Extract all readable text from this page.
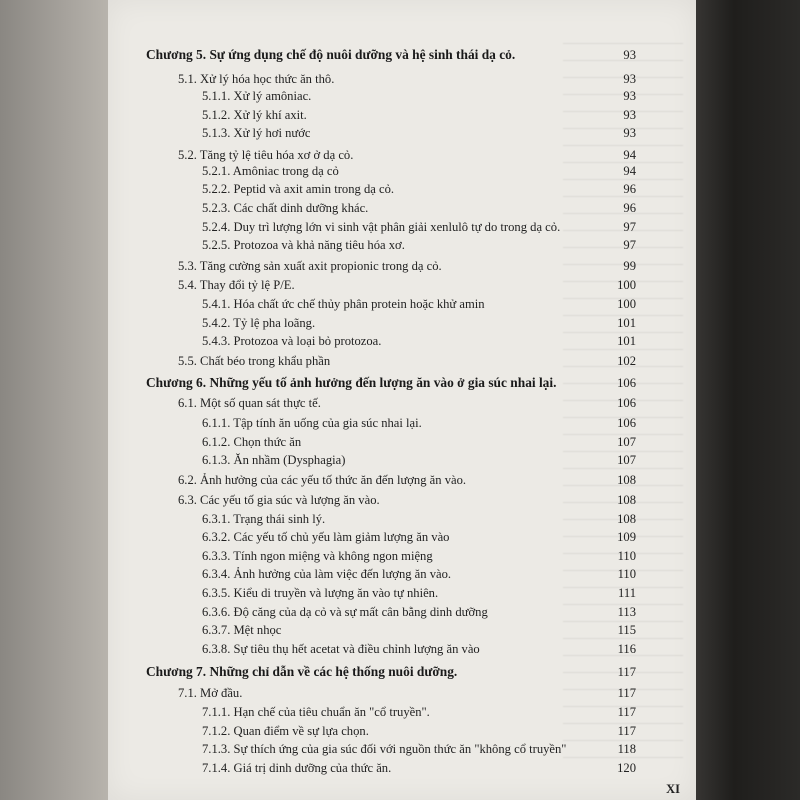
Chương 5. Sự ứng dụng chế độ nuôi dưỡng và hệ sinh thái dạ cỏ.	93
5.1. Xử lý hóa học thức ăn thô.	93
5.1.1. Xử lý amôniac.	93
5.1.2. Xử lý khí axit.	93
5.1.3. Xử lý hơi nước	93
5.2. Tăng tỷ lệ tiêu hóa xơ ở dạ cỏ.	94
5.2.1. Amôniac trong dạ cỏ	94
5.2.2. Peptid và axit amin trong dạ cỏ.	96
5.2.3. Các chất dinh dưỡng khác.	96
5.2.4. Duy trì lượng lớn vi sinh vật phân giải xenlulô tự do trong dạ cỏ.	97
5.2.5. Protozoa và khả năng tiêu hóa xơ.	97
5.3. Tăng cường sản xuất axit propionic trong dạ cỏ.	99
5.4. Thay đổi tỷ lệ P/E.	100
5.4.1. Hóa chất ức chế thủy phân protein hoặc khử amin	100
5.4.2. Tỷ lệ pha loãng.	101
5.4.3. Protozoa và loại bỏ protozoa.	101
5.5. Chất béo trong khẩu phần	102
Chương 6. Những yếu tố ảnh hưởng đến lượng ăn vào ở gia súc nhai lại.	106
6.1. Một số quan sát thực tế.	106
6.1.1. Tập tính ăn uống của gia súc nhai lại.	106
6.1.2. Chọn thức ăn	107
6.1.3. Ăn nhầm (Dysphagia)	107
6.2. Ảnh hưởng của các yếu tố thức ăn đến lượng ăn vào.	108
6.3. Các yếu tố gia súc và lượng ăn vào.	108
6.3.1. Trạng thái sinh lý.	108
6.3.2. Các yếu tố chủ yếu làm giảm lượng ăn vào	109
6.3.3. Tính ngon miệng và không ngon miệng	110
6.3.4. Ảnh hưởng của làm việc đến lượng ăn vào.	110
6.3.5. Kiểu di truyền và lượng ăn vào tự nhiên.	111
6.3.6. Độ căng của dạ cỏ và sự mất cân bằng dinh dưỡng	113
6.3.7. Mệt nhọc	115
6.3.8. Sự tiêu thụ hết acetat và điều chỉnh lượng ăn vào	116
Chương 7. Những chỉ dẫn về các hệ thống nuôi dưỡng.	117
7.1. Mở đầu.	117
7.1.1. Hạn chế của tiêu chuẩn ăn "cổ truyền".	117
7.1.2. Quan điểm về sự lựa chọn.	117
7.1.3. Sự thích ứng của gia súc đối với nguồn thức ăn "không cổ truyền"	118
7.1.4. Giá trị dinh dưỡng của thức ăn.	120
XI
